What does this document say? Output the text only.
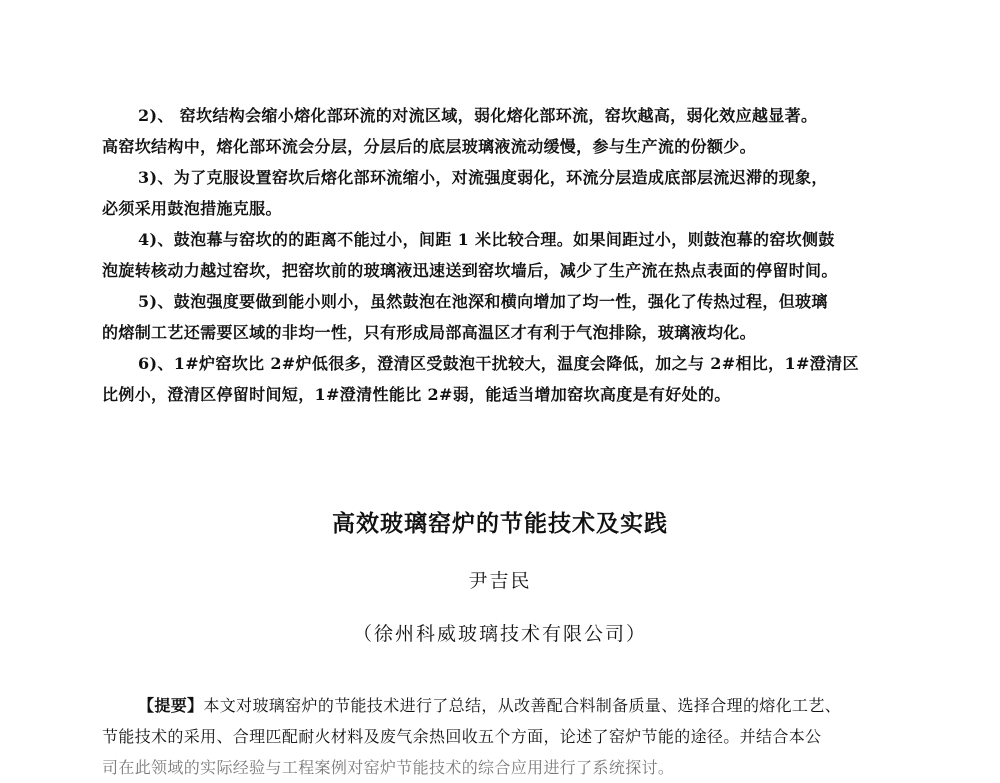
2)、 窑坎结构会缩小熔化部环流的对流区域，弱化熔化部环流，窑坎越高，弱化效应越显著。
高窑坎结构中，熔化部环流会分层，分层后的底层玻璃液流动缓慢，参与生产流的份额少。

3)、为了克服设置窑坎后熔化部环流缩小，对流强度弱化，环流分层造成底部层流迟滞的现象，
必须采用鼓泡措施克服。

4)、鼓泡幕与窑坎的的距离不能过小，间距 1 米比较合理。如果间距过小，则鼓泡幕的窑坎侧鼓
泡旋转核动力越过窑坎，把窑坎前的玻璃液迅速送到窑坎墙后，减少了生产流在热点表面的停留时间。

5)、鼓泡强度要做到能小则小，虽然鼓泡在池深和横向增加了均一性，强化了传热过程，但玻璃
的熔制工艺还需要区域的非均一性，只有形成局部高温区才有利于气泡排除，玻璃液均化。

6)、1#炉窑坎比 2#炉低很多，澄清区受鼓泡干扰较大，温度会降低，加之与 2#相比，1#澄清区
比例小，澄清区停留时间短，1#澄清性能比 2#弱，能适当增加窑坎高度是有好处的。

高效玻璃窑炉的节能技术及实践
尹吉民
（徐州科威玻璃技术有限公司）

【提要】本文对玻璃窑炉的节能技术进行了总结，从改善配合料制备质量、选择合理的熔化工艺、
节能技术的采用、合理匹配耐火材料及废气余热回收五个方面，论述了窑炉节能的途径。并结合本公
司在此领域的实际经验与工程案例对窑炉节能技术的综合应用进行了系统探讨。
